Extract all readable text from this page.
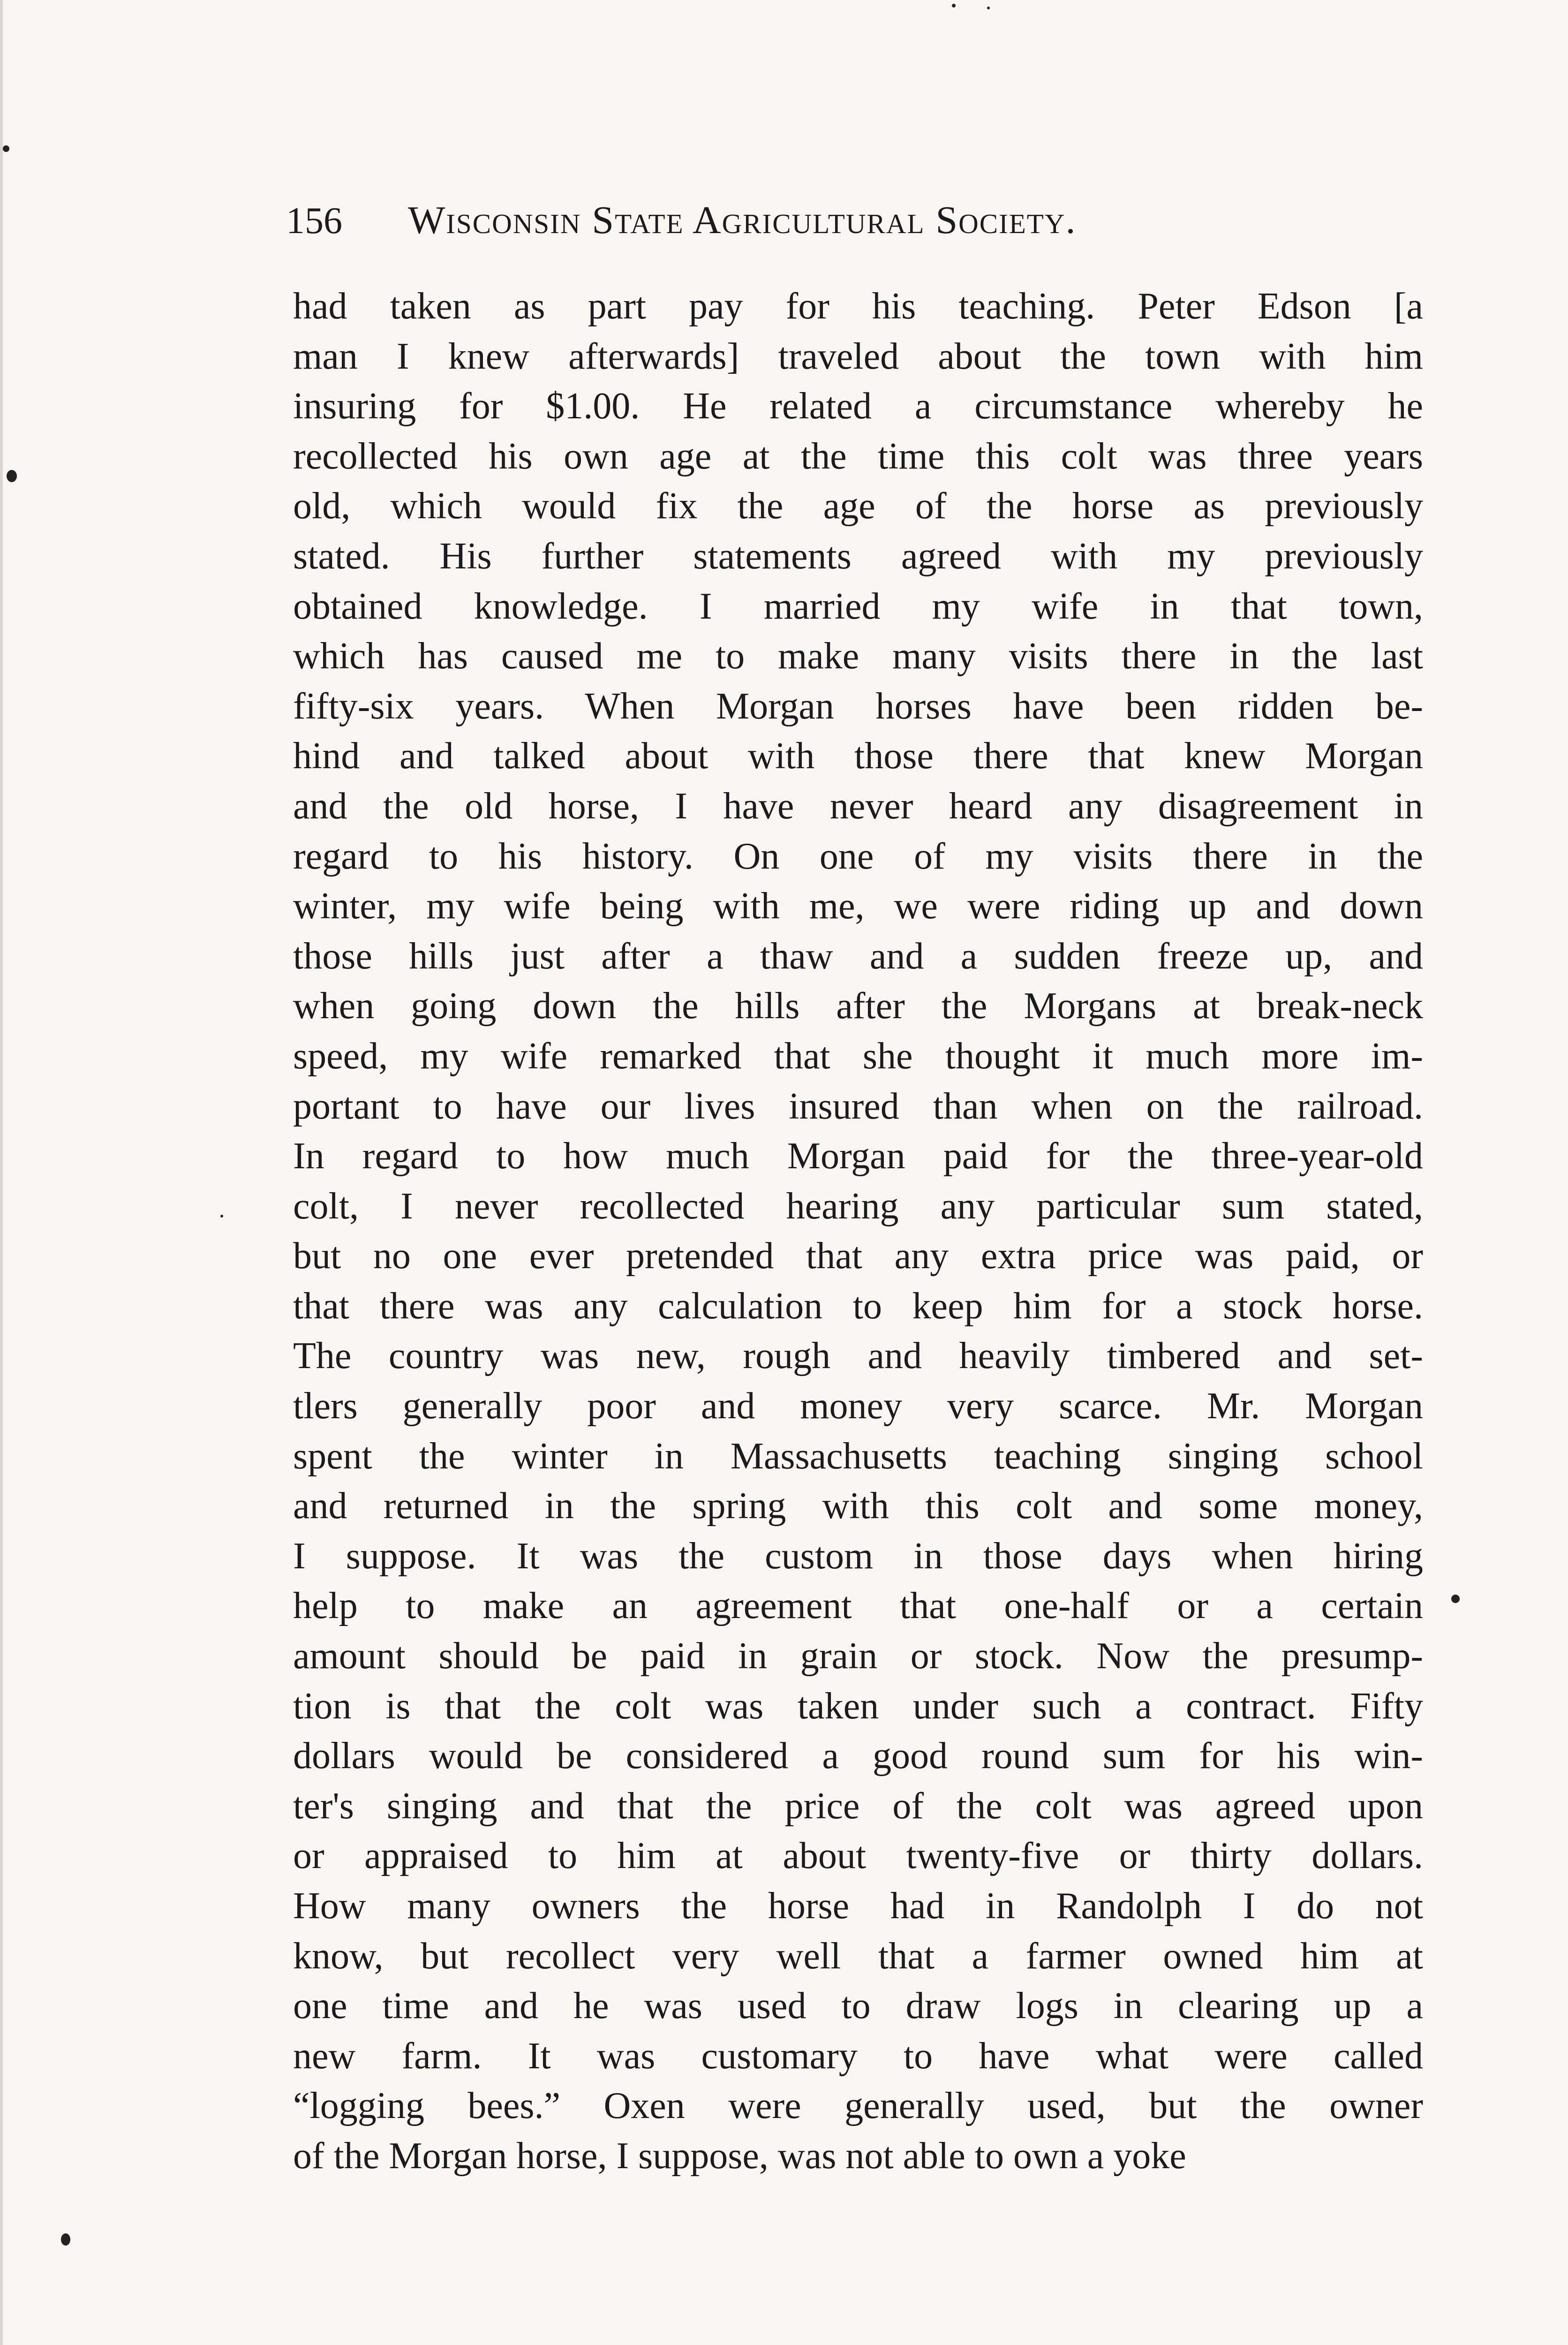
156 Wisconsin State Agricultural Society.
had taken as part pay for his teaching. Peter Edson [a
man I knew afterwards] traveled about the town with him
insuring for $1.00. He related a circumstance whereby he
recollected his own age at the time this colt was three years
old, which would fix the age of the horse as previously
stated. His further statements agreed with my previously
obtained knowledge. I married my wife in that town,
which has caused me to make many visits there in the last
fifty-six years. When Morgan horses have been ridden be-
hind and talked about with those there that knew Morgan
and the old horse, I have never heard any disagreement in
regard to his history. On one of my visits there in the
winter, my wife being with me, we were riding up and down
those hills just after a thaw and a sudden freeze up, and
when going down the hills after the Morgans at break-neck
speed, my wife remarked that she thought it much more im-
portant to have our lives insured than when on the railroad.
In regard to how much Morgan paid for the three-year-old
colt, I never recollected hearing any particular sum stated,
but no one ever pretended that any extra price was paid, or
that there was any calculation to keep him for a stock horse.
The country was new, rough and heavily timbered and set-
tlers generally poor and money very scarce. Mr. Morgan
spent the winter in Massachusetts teaching singing school
and returned in the spring with this colt and some money,
I suppose. It was the custom in those days when hiring
help to make an agreement that one-half or a certain
amount should be paid in grain or stock. Now the presump-
tion is that the colt was taken under such a contract. Fifty
dollars would be considered a good round sum for his win-
ter's singing and that the price of the colt was agreed upon
or appraised to him at about twenty-five or thirty dollars.
How many owners the horse had in Randolph I do not
know, but recollect very well that a farmer owned him at
one time and he was used to draw logs in clearing up a
new farm. It was customary to have what were called
“logging bees.” Oxen were generally used, but the owner
of the Morgan horse, I suppose, was not able to own a yoke
